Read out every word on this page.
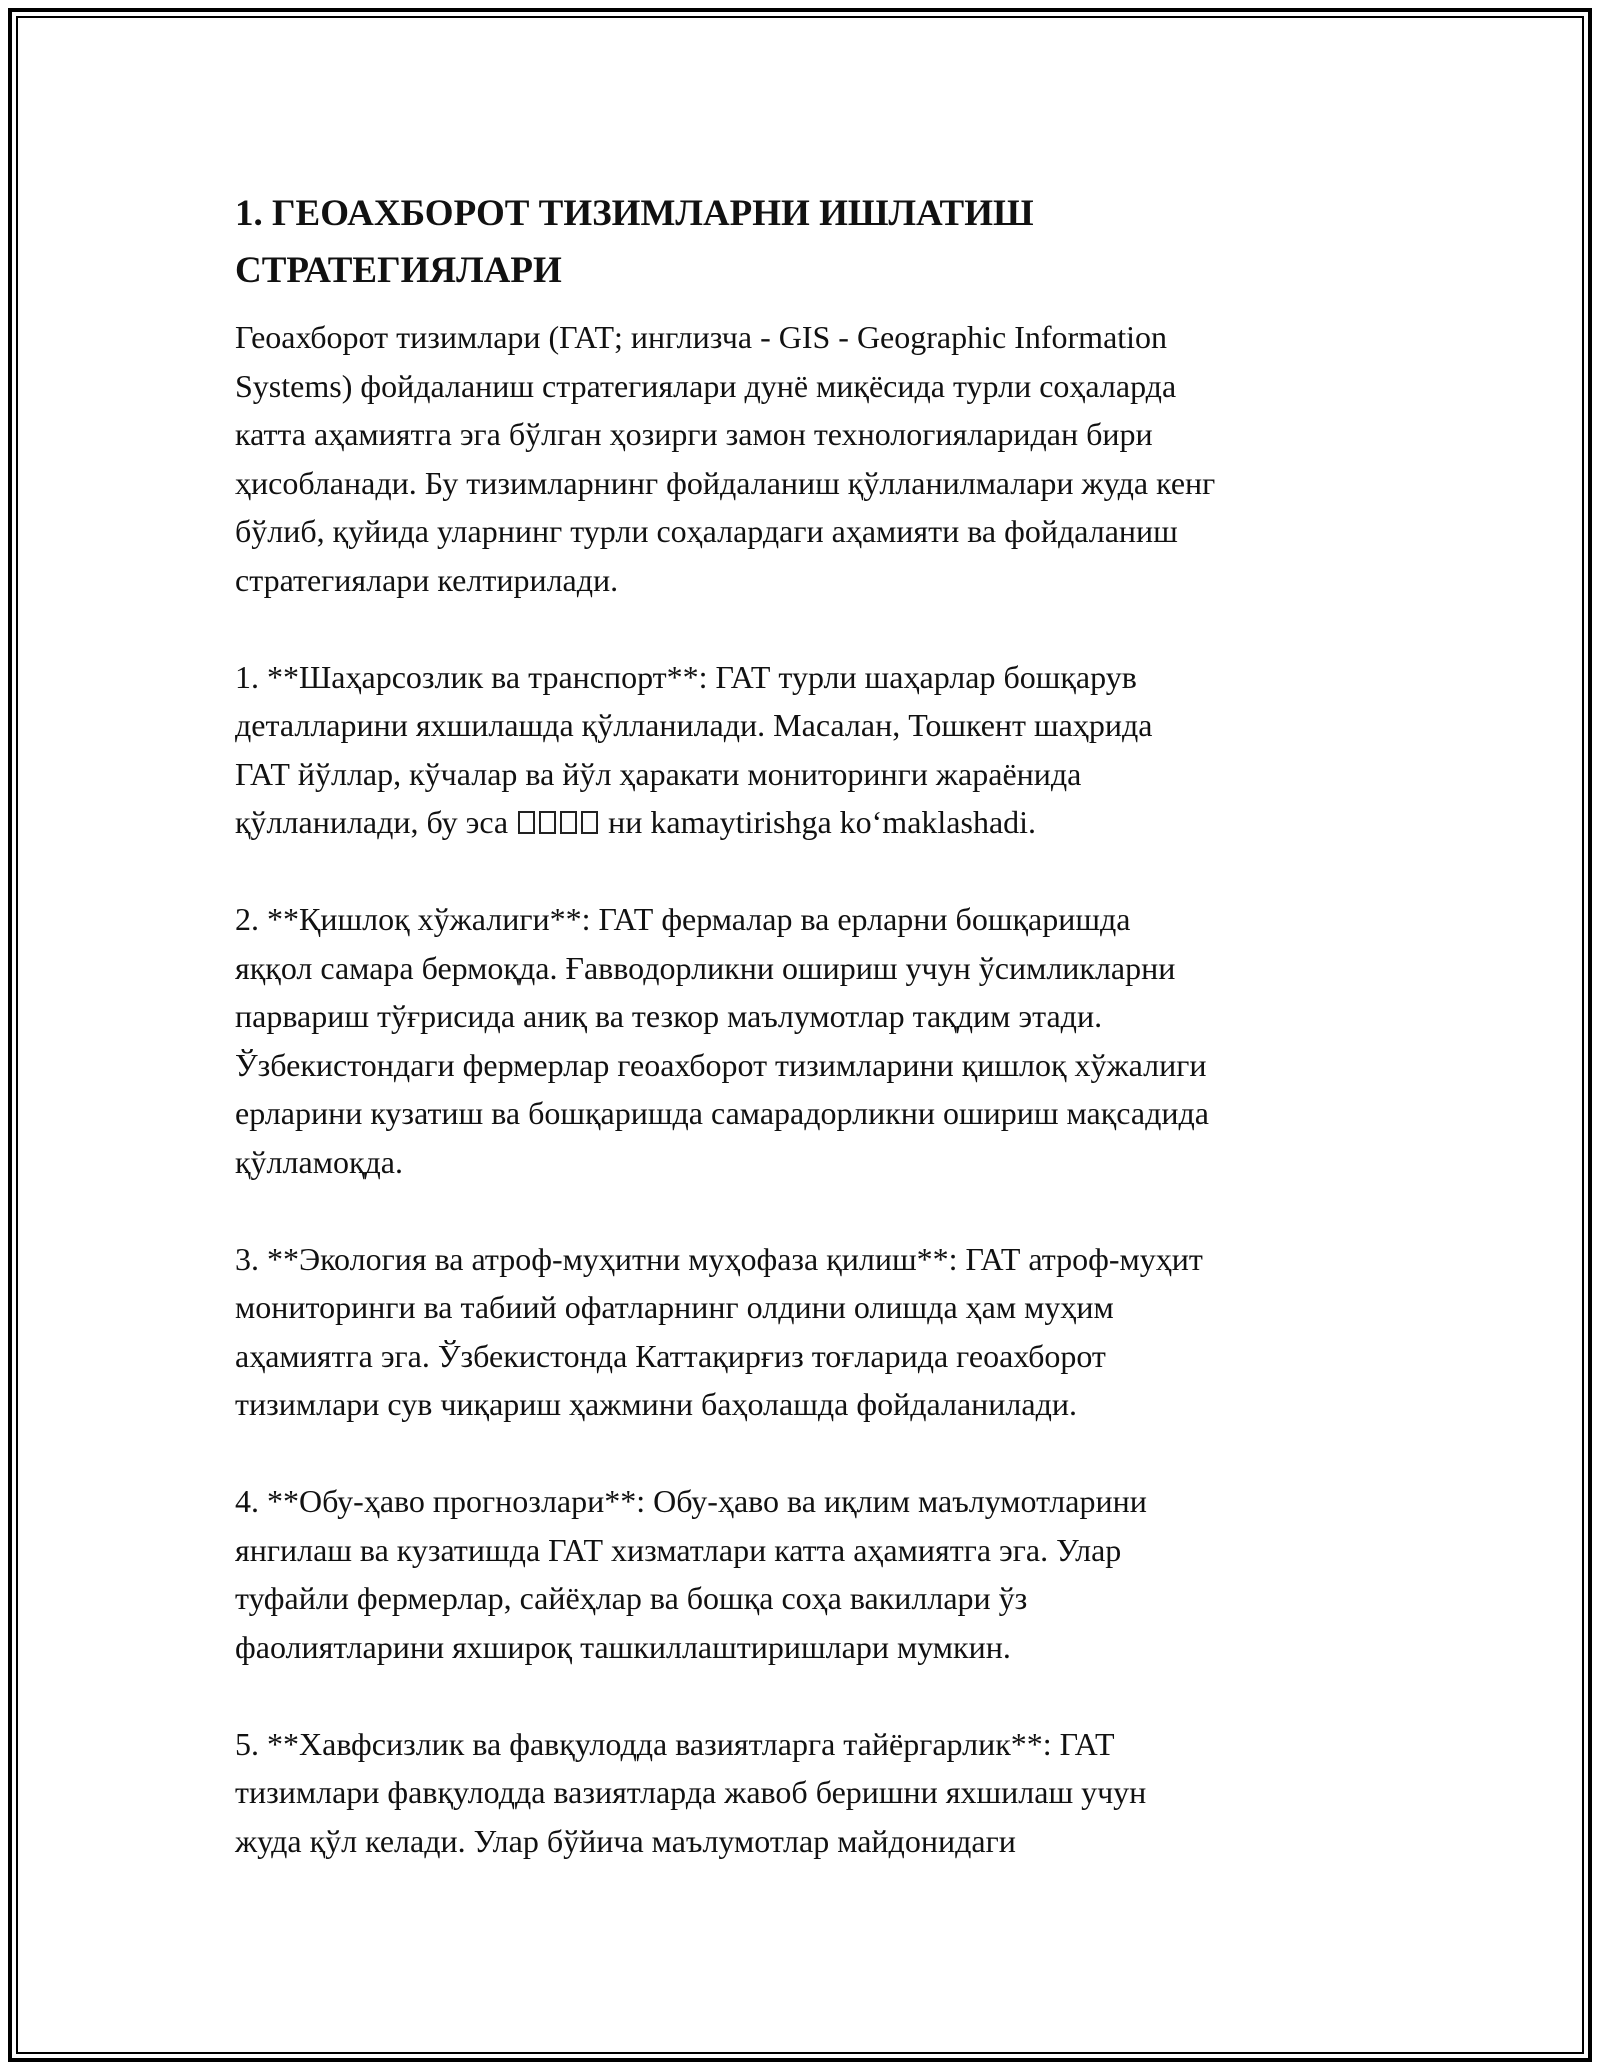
1. ГЕОАХБОРОТ ТИЗИМЛАРНИ ИШЛАТИШ
СТРАТЕГИЯЛАРИ

Геоахборот тизимлари (ГАТ; инглизча - GIS - Geographic Information
Systems) фойдаланиш стратегиялари дунё миқёсида турли соҳаларда
катта аҳамиятга эга бўлган ҳозирги замон технологияларидан бири
ҳисобланади. Бу тизимларнинг фойдаланиш қўлланилмалари жуда кенг
бўлиб, қуйида уларнинг турли соҳалардаги аҳамияти ва фойдаланиш
стратегиялари келтирилади.

1. **Шаҳарсозлик ва транспорт**: ГАТ турли шаҳарлар бошқарув
деталларини яхшилашда қўлланилади. Масалан, Тошкент шаҳрида
ГАТ йўллар, кўчалар ва йўл ҳаракати мониторинги жараёнида
қўлланилади, бу эса	ни kamaytirishga koʻmaklashadi.

2. **Қишлоқ хўжалиги**: ГАТ фермалар ва ерларни бошқаришда
яққол самара бермоқда. Ғавводорликни ошириш учун ўсимликларни
парвариш тўғрисида аниқ ва тезкор маълумотлар тақдим этади.
Ўзбекистондаги фермерлар геоахборот тизимларини қишлоқ хўжалиги
ерларини кузатиш ва бошқаришда самарадорликни ошириш мақсадида
қўлламоқда.

3. **Экология ва атроф-муҳитни муҳофаза қилиш**: ГАТ атроф-муҳит
мониторинги ва табиий офатларнинг олдини олишда ҳам муҳим
аҳамиятга эга. Ўзбекистонда Каттақирғиз тоғларида геоахборот
тизимлари сув чиқариш ҳажмини баҳолашда фойдаланилади.

4. **Обу-ҳаво прогнозлари**: Обу-ҳаво ва иқлим маълумотларини
янгилаш ва кузатишда ГАТ хизматлари катта аҳамиятга эга. Улар
туфайли фермерлар, сайёҳлар ва бошқа соҳа вакиллари ўз
фаолиятларини яхшироқ ташкиллаштиришлари мумкин.

5. **Хавфсизлик ва фавқулодда вазиятларга тайёргарлик**: ГАТ
тизимлари фавқулодда вазиятларда жавоб беришни яхшилаш учун
жуда қўл келади. Улар бўйича маълумотлар майдонидаги
